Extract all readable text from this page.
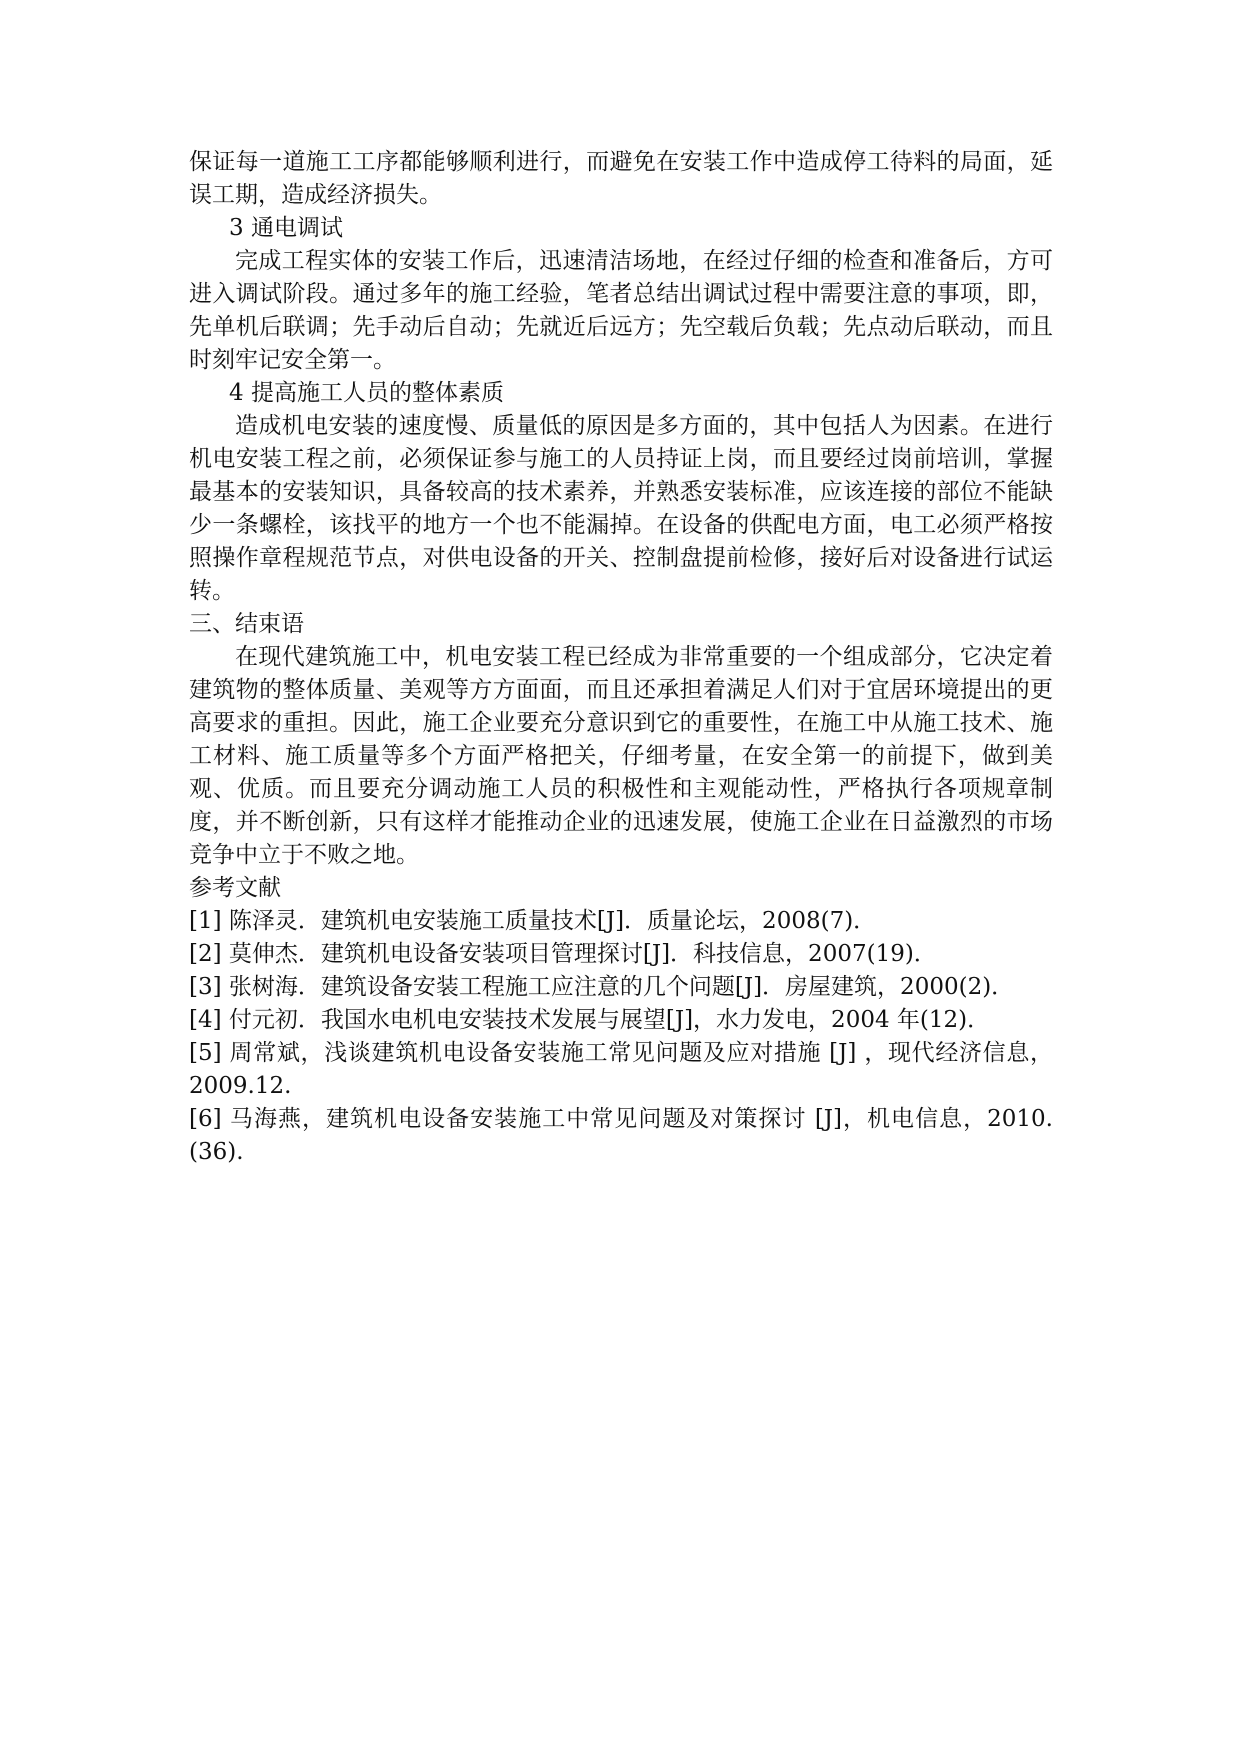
保证每一道施工工序都能够顺利进行，而避免在安装工作中造成停工待料的局面，延误工期，造成经济损失。

3 通电调试

完成工程实体的安装工作后，迅速清洁场地，在经过仔细的检查和准备后，方可进入调试阶段。通过多年的施工经验，笔者总结出调试过程中需要注意的事项，即，先单机后联调；先手动后自动；先就近后远方；先空载后负载；先点动后联动，而且时刻牢记安全第一。

4 提高施工人员的整体素质

造成机电安装的速度慢、质量低的原因是多方面的，其中包括人为因素。在进行机电安装工程之前，必须保证参与施工的人员持证上岗，而且要经过岗前培训，掌握最基本的安装知识，具备较高的技术素养，并熟悉安装标准，应该连接的部位不能缺少一条螺栓，该找平的地方一个也不能漏掉。在设备的供配电方面，电工必须严格按照操作章程规范节点，对供电设备的开关、控制盘提前检修，接好后对设备进行试运转。

三、结束语

在现代建筑施工中，机电安装工程已经成为非常重要的一个组成部分，它决定着建筑物的整体质量、美观等方方面面，而且还承担着满足人们对于宜居环境提出的更高要求的重担。因此，施工企业要充分意识到它的重要性，在施工中从施工技术、施工材料、施工质量等多个方面严格把关，仔细考量，在安全第一的前提下，做到美观、优质。而且要充分调动施工人员的积极性和主观能动性，严格执行各项规章制度，并不断创新，只有这样才能推动企业的迅速发展，使施工企业在日益激烈的市场竞争中立于不败之地。

参考文献

[1] 陈泽灵．建筑机电安装施工质量技术[J]．质量论坛，2008(7)．

[2] 莫伸杰．建筑机电设备安装项目管理探讨[J]．科技信息，2007(19)．

[3] 张树海．建筑设备安装工程施工应注意的几个问题[J]．房屋建筑，2000(2)．

[4] 付元初．我国水电机电安装技术发展与展望[J]，水力发电，2004 年(12)．

[5] 周常斌，浅谈建筑机电设备安装施工常见问题及应对措施 [J] ，现代经济信息，2009.12.

[6] 马海燕，建筑机电设备安装施工中常见问题及对策探讨 [J]，机电信息，2010.(36).
